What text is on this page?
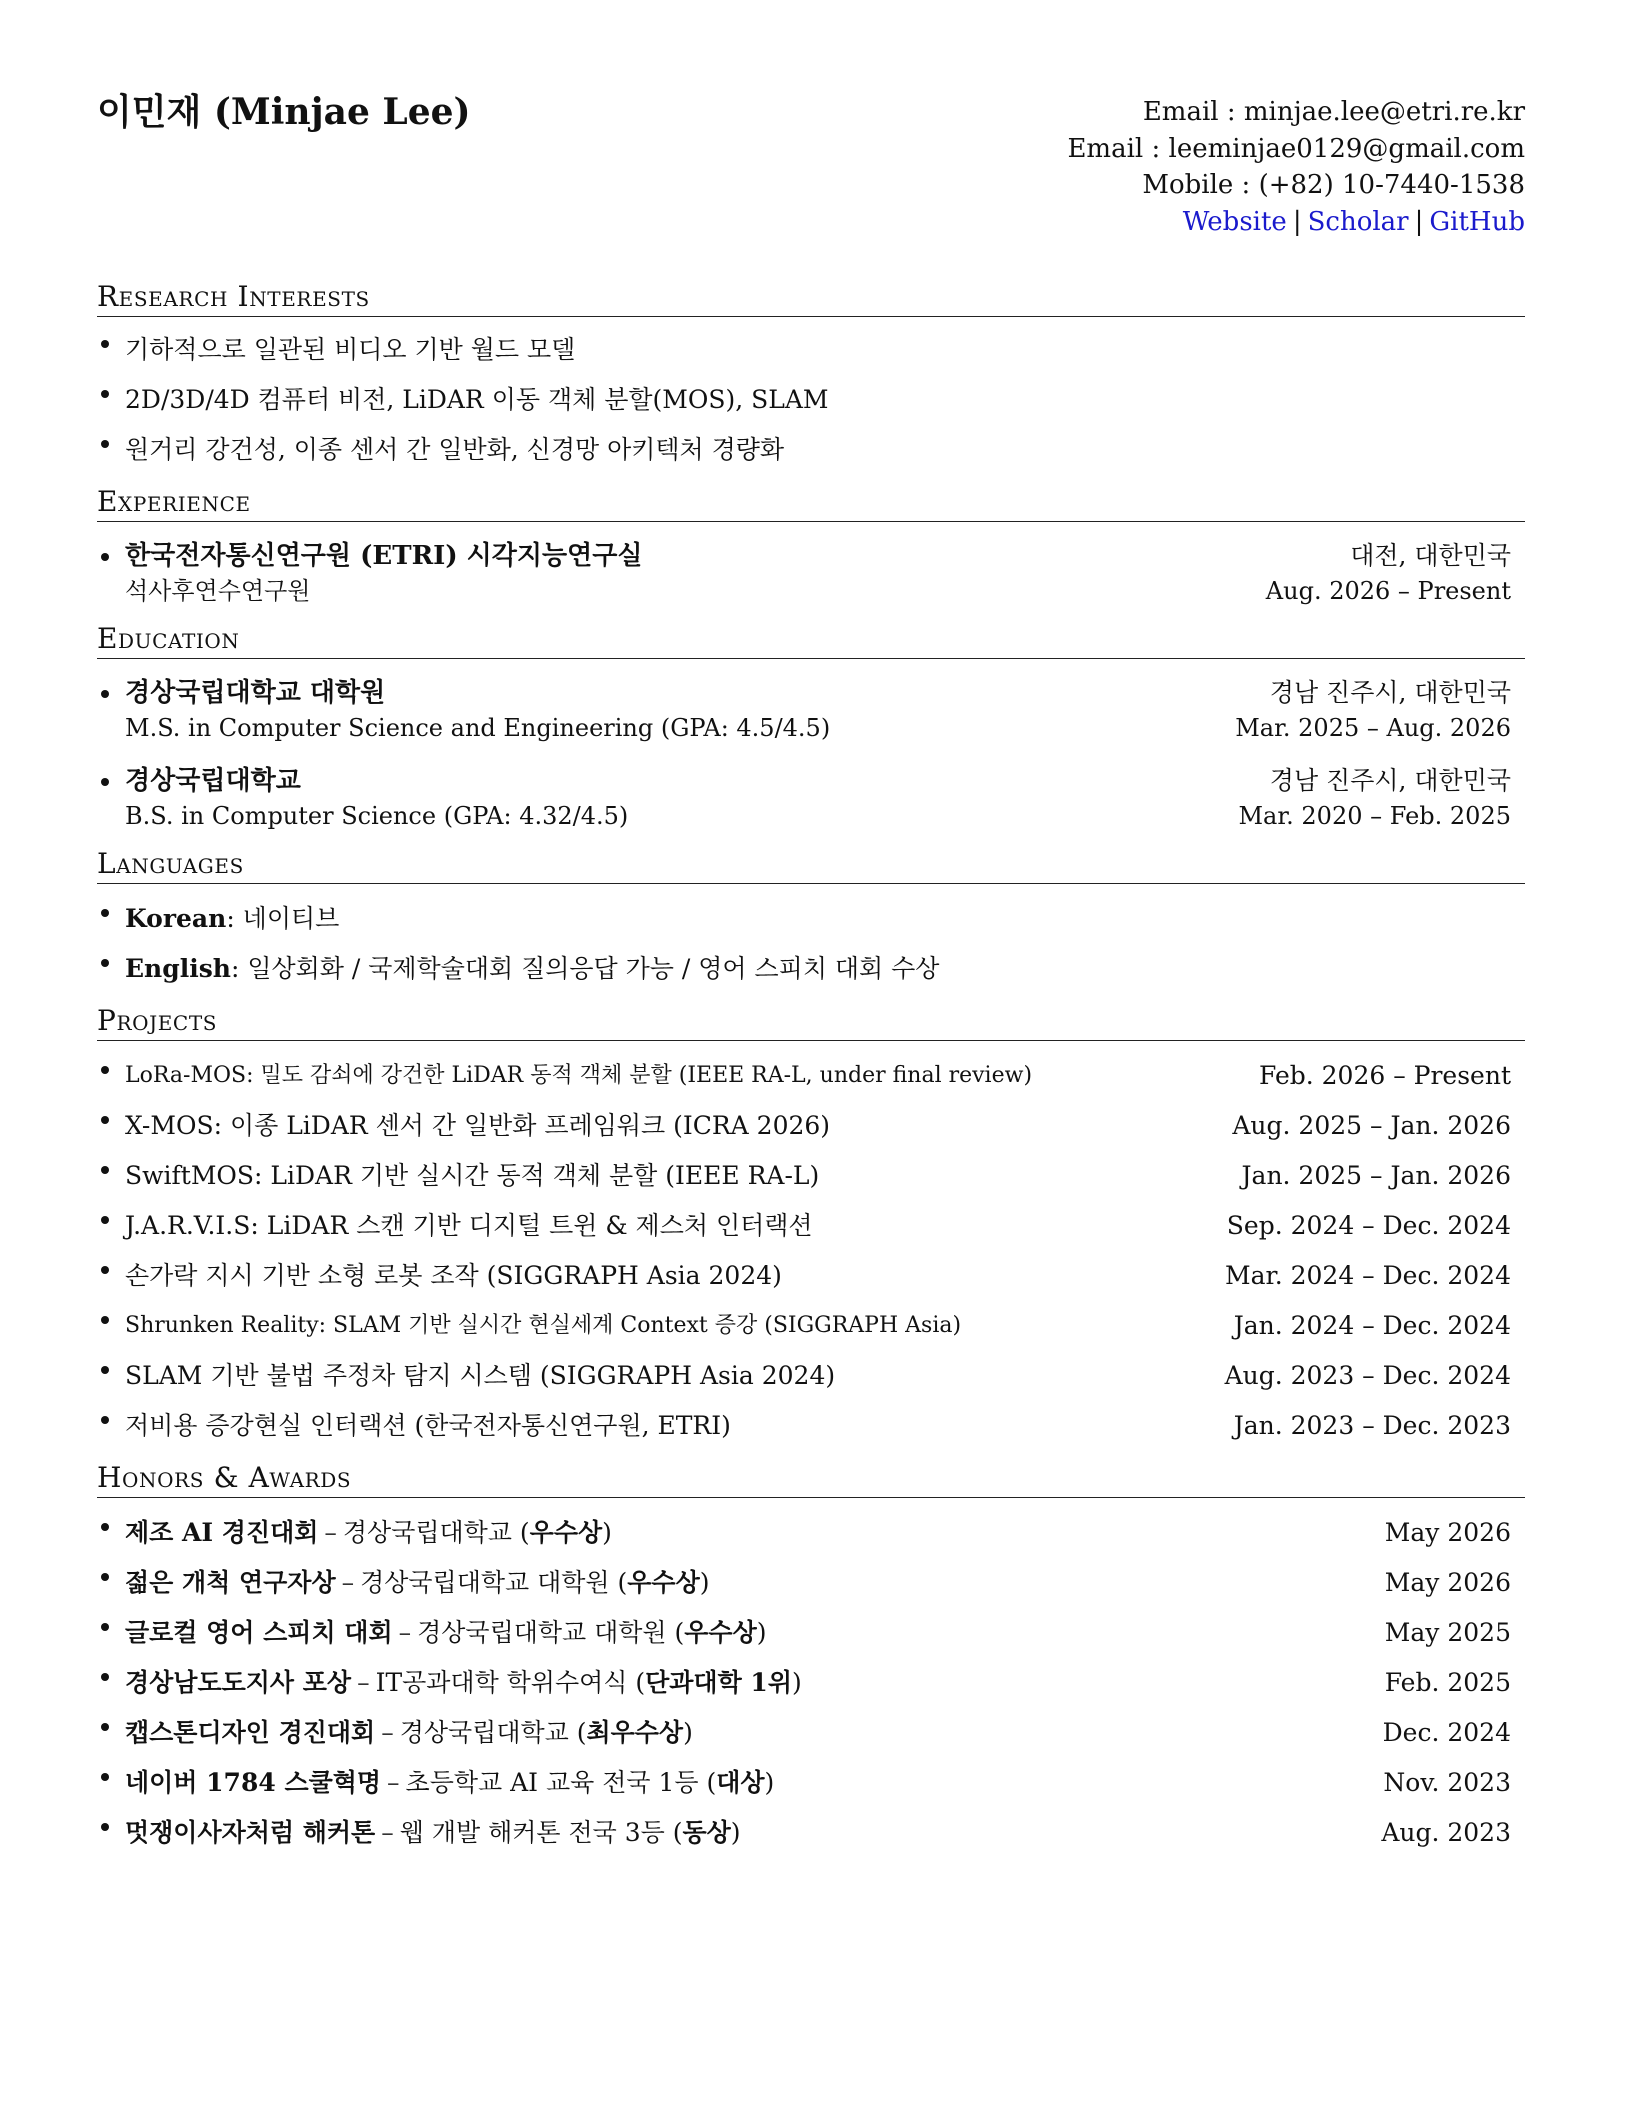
이민재 (Minjae Lee)	Email : minjae.lee@etri.re.kr
Email : leeminjae0129@gmail.com
Mobile : (+82) 10-7440-1538
Website | Scholar | GitHub
Research Interests
기하적으로 일관된 비디오 기반 월드 모델
2D/3D/4D 컴퓨터 비전, LiDAR 이동 객체 분할(MOS), SLAM
원거리 강건성, 이종 센서 간 일반화, 신경망 아키텍처 경량화
Experience
한국전자통신연구원 (ETRI) 시각지능연구실	대전, 대한민국
석사후연수연구원	Aug. 2026 – Present
Education
경상국립대학교 대학원	경남 진주시, 대한민국
M.S. in Computer Science and Engineering (GPA: 4.5/4.5)	Mar. 2025 – Aug. 2026
경상국립대학교	경남 진주시, 대한민국
B.S. in Computer Science (GPA: 4.32/4.5)	Mar. 2020 – Feb. 2025
Languages
Korean: 네이티브
English: 일상회화 / 국제학술대회 질의응답 가능 / 영어 스피치 대회 수상
Projects
LoRa-MOS: 밀도 감쇠에 강건한 LiDAR 동적 객체 분할 (IEEE RA-L, under final review)	Feb. 2026 – Present
X-MOS: 이종 LiDAR 센서 간 일반화 프레임워크 (ICRA 2026)	Aug. 2025 – Jan. 2026
SwiftMOS: LiDAR 기반 실시간 동적 객체 분할 (IEEE RA-L)	Jan. 2025 – Jan. 2026
J.A.R.V.I.S: LiDAR 스캔 기반 디지털 트윈 & 제스처 인터랙션	Sep. 2024 – Dec. 2024
손가락 지시 기반 소형 로봇 조작 (SIGGRAPH Asia 2024)	Mar. 2024 – Dec. 2024
Shrunken Reality: SLAM 기반 실시간 현실세계 Context 증강 (SIGGRAPH Asia)	Jan. 2024 – Dec. 2024
SLAM 기반 불법 주정차 탐지 시스템 (SIGGRAPH Asia 2024)	Aug. 2023 – Dec. 2024
저비용 증강현실 인터랙션 (한국전자통신연구원, ETRI)	Jan. 2023 – Dec. 2023
Honors & Awards
제조 AI 경진대회 – 경상국립대학교 (우수상)	May 2026
젊은 개척 연구자상 – 경상국립대학교 대학원 (우수상)	May 2026
글로컬 영어 스피치 대회 – 경상국립대학교 대학원 (우수상)	May 2025
경상남도도지사 포상 – IT공과대학 학위수여식 (단과대학 1위)	Feb. 2025
캡스톤디자인 경진대회 – 경상국립대학교 (최우수상)	Dec. 2024
네이버 1784 스쿨혁명 – 초등학교 AI 교육 전국 1등 (대상)	Nov. 2023
멋쟁이사자처럼 해커톤 – 웹 개발 해커톤 전국 3등 (동상)	Aug. 2023
